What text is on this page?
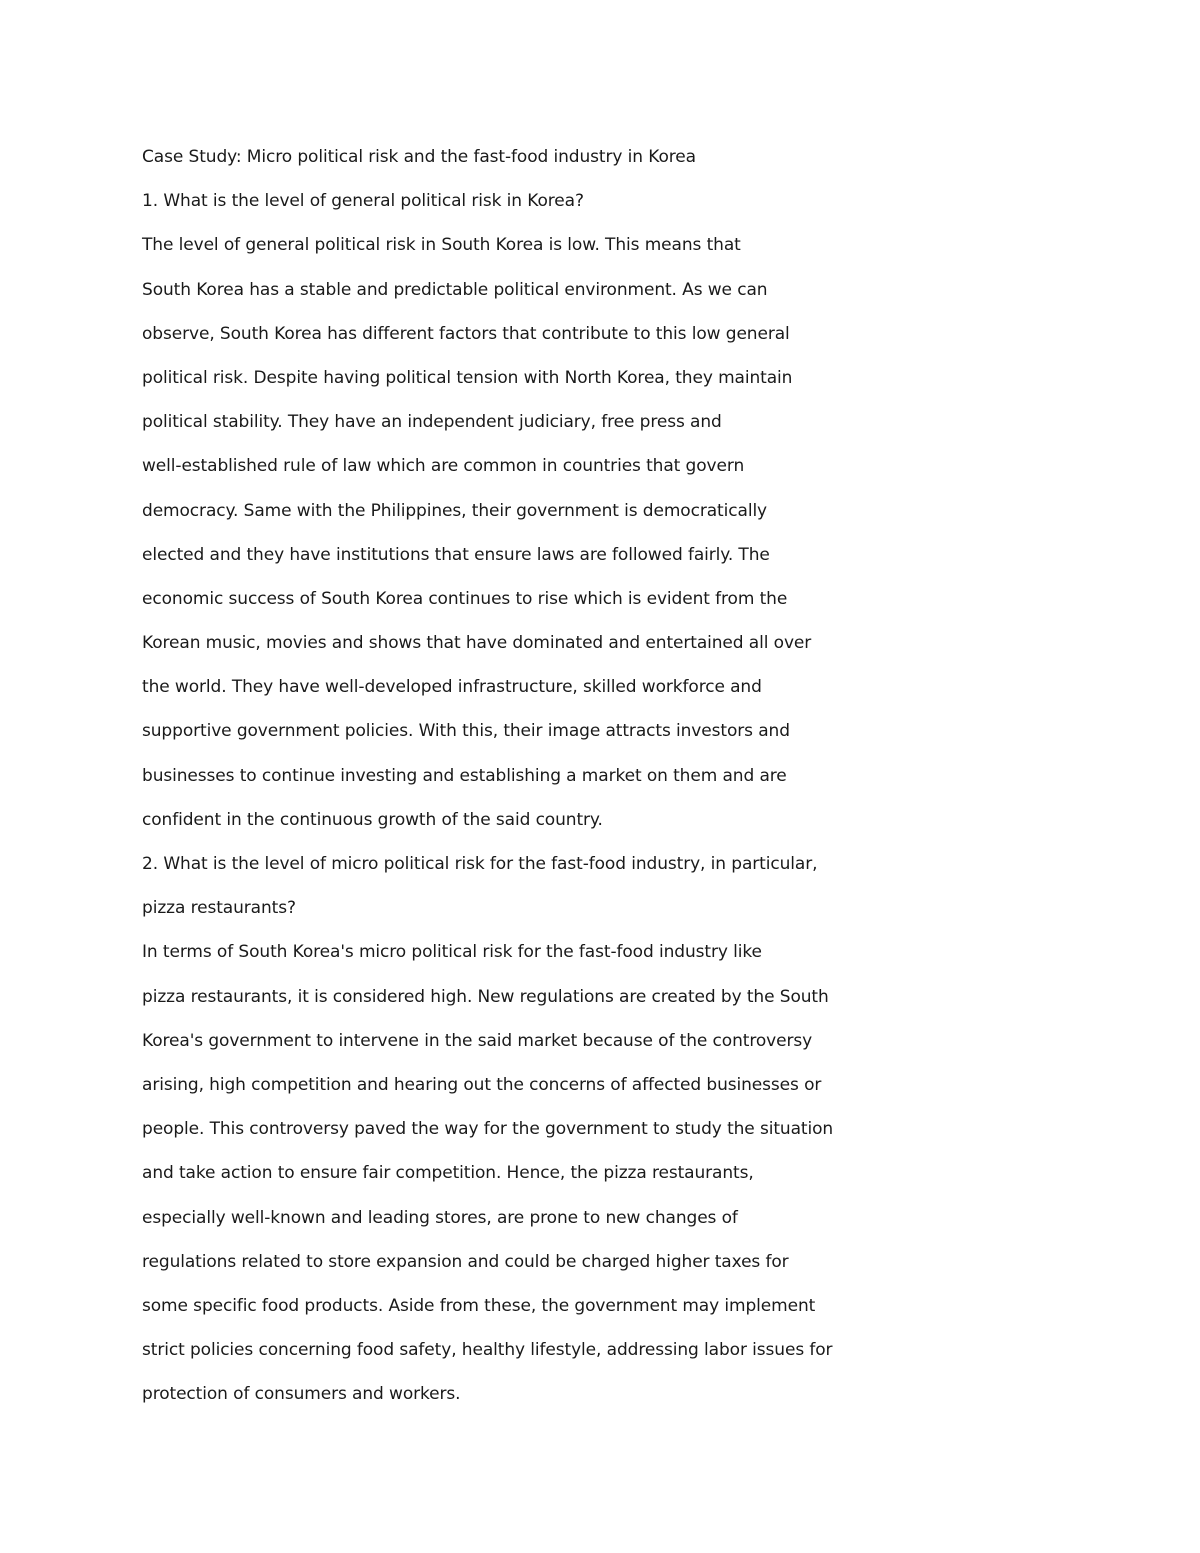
Case Study: Micro political risk and the fast-food industry in Korea
1. What is the level of general political risk in Korea?
The level of general political risk in South Korea is low. This means that
South Korea has a stable and predictable political environment. As we can
observe, South Korea has different factors that contribute to this low general
political risk. Despite having political tension with North Korea, they maintain
political stability. They have an independent judiciary, free press and
well-established rule of law which are common in countries that govern
democracy. Same with the Philippines, their government is democratically
elected and they have institutions that ensure laws are followed fairly. The
economic success of South Korea continues to rise which is evident from the
Korean music, movies and shows that have dominated and entertained all over
the world. They have well-developed infrastructure, skilled workforce and
supportive government policies. With this, their image attracts investors and
businesses to continue investing and establishing a market on them and are
confident in the continuous growth of the said country.
2. What is the level of micro political risk for the fast-food industry, in particular,
pizza restaurants?
In terms of South Korea's micro political risk for the fast-food industry like
pizza restaurants, it is considered high. New regulations are created by the South
Korea's government to intervene in the said market because of the controversy
arising, high competition and hearing out the concerns of affected businesses or
people. This controversy paved the way for the government to study the situation
and take action to ensure fair competition. Hence, the pizza restaurants,
especially well-known and leading stores, are prone to new changes of
regulations related to store expansion and could be charged higher taxes for
some specific food products. Aside from these, the government may implement
strict policies concerning food safety, healthy lifestyle, addressing labor issues for
protection of consumers and workers.
